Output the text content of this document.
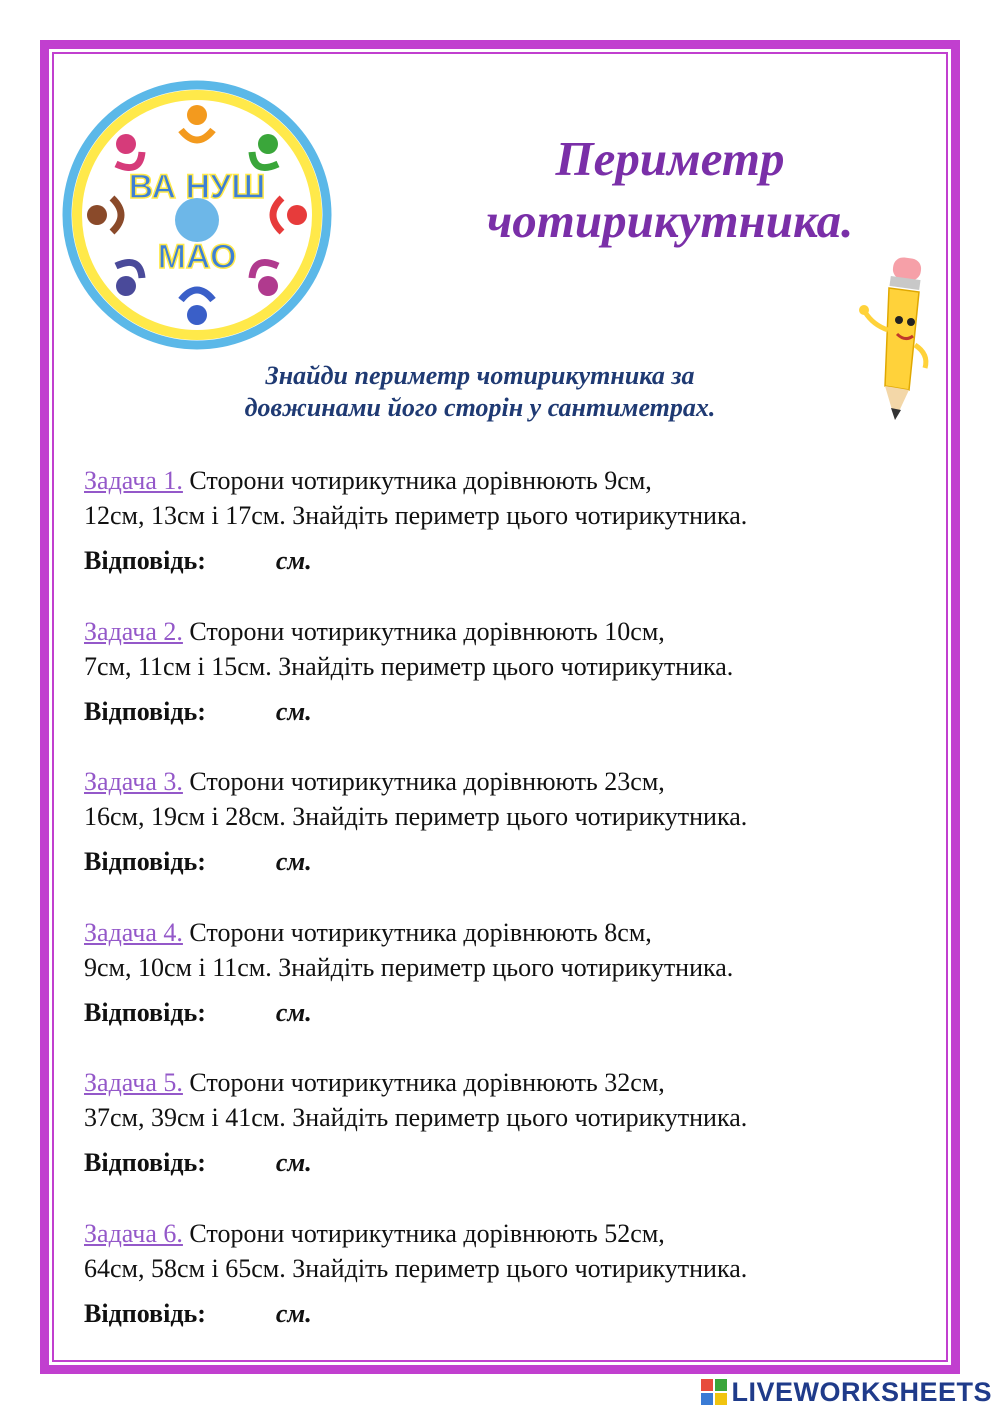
ВА НУШ
МАО
Периметр
чотирикутника.
Знайди периметр чотирикутника за
довжинами його сторін у сантиметрах.
Задача 1. Сторони чотирикутника дорівнюють 9см,
12см, 13см і 17см. Знайдіть периметр цього чотирикутника.
Відповідь:	см.
Задача 2. Сторони чотирикутника дорівнюють 10см,
7см, 11см і 15см. Знайдіть периметр цього чотирикутника.
Відповідь:	см.
Задача 3. Сторони чотирикутника дорівнюють 23см,
16см, 19см і 28см. Знайдіть периметр цього чотирикутника.
Відповідь:	см.
Задача 4. Сторони чотирикутника дорівнюють 8см,
9см, 10см і 11см. Знайдіть периметр цього чотирикутника.
Відповідь:	см.
Задача 5. Сторони чотирикутника дорівнюють 32см,
37см, 39см і 41см. Знайдіть периметр цього чотирикутника.
Відповідь:	см.
Задача 6. Сторони чотирикутника дорівнюють 52см,
64см, 58см і 65см. Знайдіть периметр цього чотирикутника.
Відповідь:	см.
LIVEWORKSHEETS
